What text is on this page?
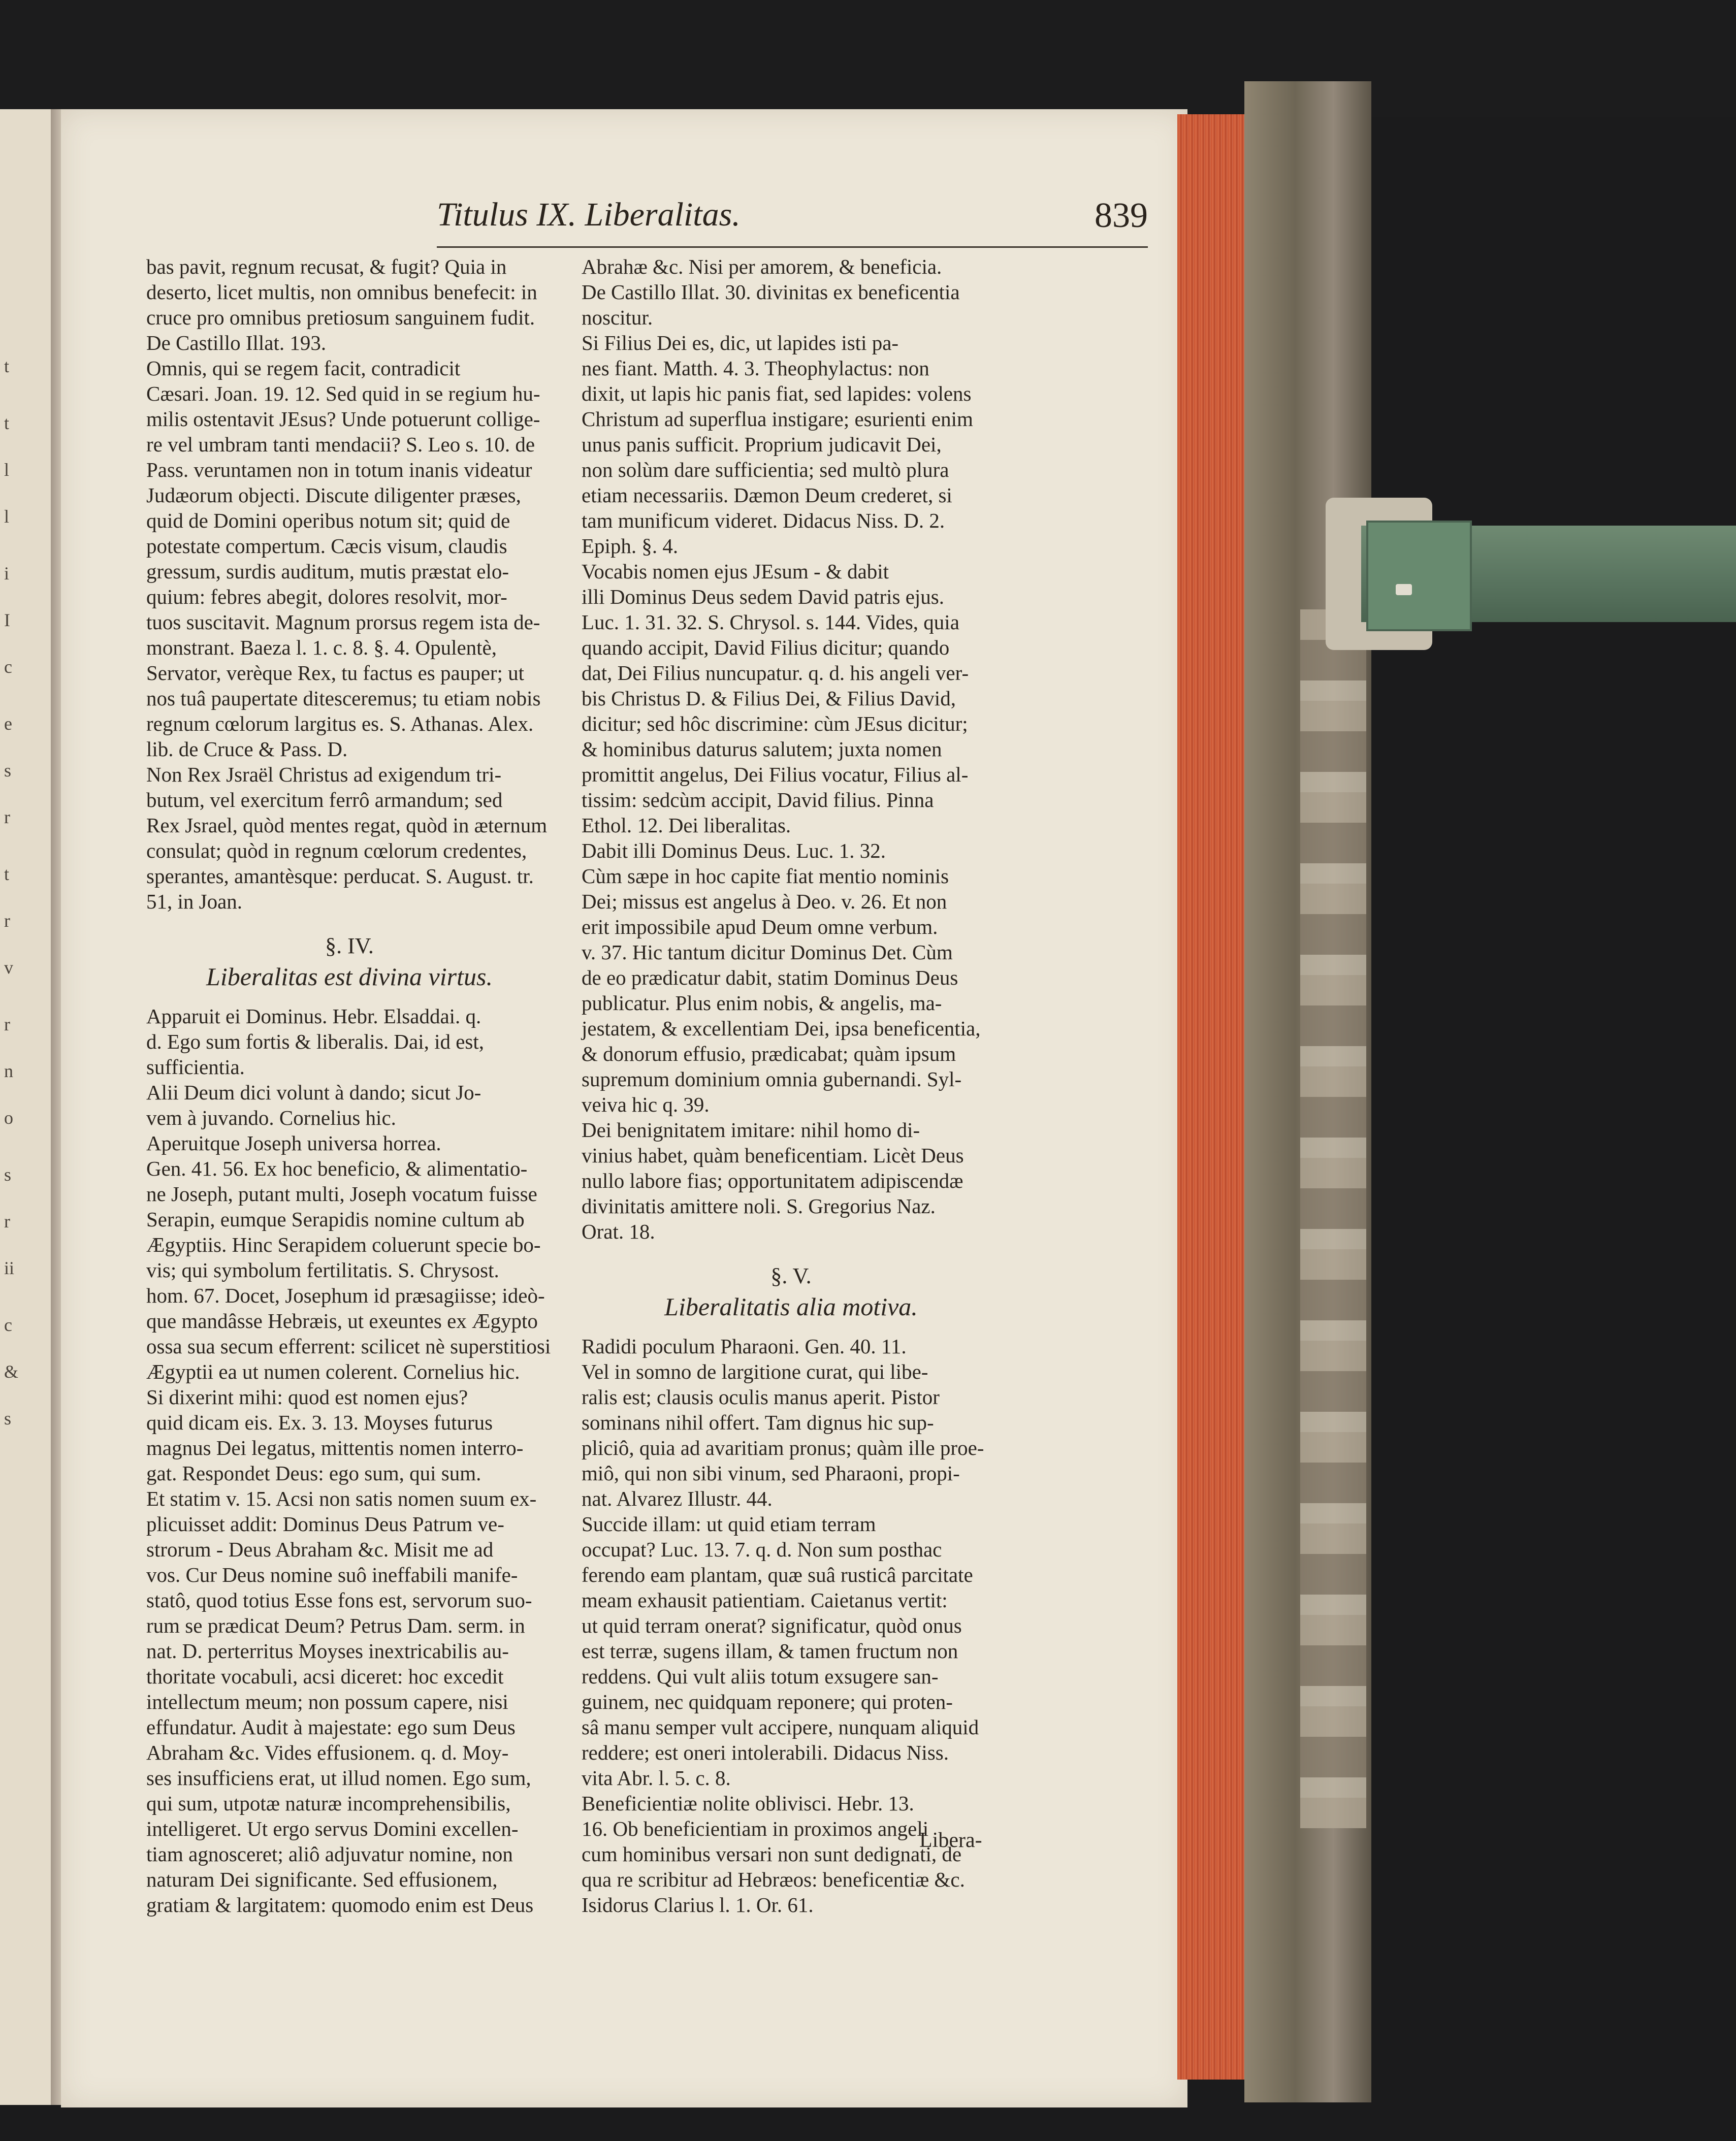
t
t
l
l
i
I
c
e
s
r
t
r
v
r
n
o
s
r
ii
c
&
s
Titulus IX. Liberalitas.	839

bas pavit, regnum recusat, & fugit? Quia in

deserto, licet multis, non omnibus benefecit: in

cruce pro omnibus pretiosum sanguinem fudit.

De Castillo Illat. 193.

Omnis, qui se regem facit, contradicit

Cæsari. Joan. 19. 12. Sed quid in se regium hu-

milis ostentavit JEsus? Unde potuerunt collige-

re vel umbram tanti mendacii? S. Leo s. 10. de

Pass. veruntamen non in totum inanis videatur

Judæorum objecti. Discute diligenter præses,

quid de Domini operibus notum sit; quid de

potestate compertum. Cæcis visum, claudis

gressum, surdis auditum, mutis præstat elo-

quium: febres abegit, dolores resolvit, mor-

tuos suscitavit. Magnum prorsus regem ista de-

monstrant. Baeza l. 1. c. 8. §. 4. Opulentè,

Servator, verèque Rex, tu factus es pauper; ut

nos tuâ paupertate ditesceremus; tu etiam nobis

regnum cœlorum largitus es. S. Athanas. Alex.

lib. de Cruce & Pass. D.

Non Rex Jsraël Christus ad exigendum tri-

butum, vel exercitum ferrô armandum; sed

Rex Jsrael, quòd mentes regat, quòd in æternum

consulat; quòd in regnum cœlorum credentes,

sperantes, amantèsque: perducat. S. August. tr.

51, in Joan.

§. IV.
Liberalitas est divina virtus.

Apparuit ei Dominus. Hebr. Elsaddai. q.

d. Ego sum fortis & liberalis. Dai, id est,

sufficientia.

Alii Deum dici volunt à dando; sicut Jo-

vem à juvando. Cornelius hic.

Aperuitque Joseph universa horrea.

Gen. 41. 56. Ex hoc beneficio, & alimentatio-

ne Joseph, putant multi, Joseph vocatum fuisse

Serapin, eumque Serapidis nomine cultum ab

Ægyptiis. Hinc Serapidem coluerunt specie bo-

vis; qui symbolum fertilitatis. S. Chrysost.

hom. 67. Docet, Josephum id præsagiisse; ideò-

que mandâsse Hebræis, ut exeuntes ex Ægypto

ossa sua secum efferrent: scilicet nè superstitiosi

Ægyptii ea ut numen colerent. Cornelius hic.

Si dixerint mihi: quod est nomen ejus?

quid dicam eis. Ex. 3. 13. Moyses futurus

magnus Dei legatus, mittentis nomen interro-

gat. Respondet Deus: ego sum, qui sum.

Et statim v. 15. Acsi non satis nomen suum ex-

plicuisset addit: Dominus Deus Patrum ve-

strorum - Deus Abraham &c. Misit me ad

vos. Cur Deus nomine suô ineffabili manife-

statô, quod totius Esse fons est, servorum suo-

rum se prædicat Deum? Petrus Dam. serm. in

nat. D. perterritus Moyses inextricabilis au-

thoritate vocabuli, acsi diceret: hoc excedit

intellectum meum; non possum capere, nisi

effundatur. Audit à majestate: ego sum Deus

Abraham &c. Vides effusionem. q. d. Moy-

ses insufficiens erat, ut illud nomen. Ego sum,

qui sum, utpotæ naturæ incomprehensibilis,

intelligeret. Ut ergo servus Domini excellen-

tiam agnosceret; aliô adjuvatur nomine, non

naturam Dei significante. Sed effusionem,

gratiam & largitatem: quomodo enim est Deus

Abrahæ &c. Nisi per amorem, & beneficia.

De Castillo Illat. 30. divinitas ex beneficentia

noscitur.

Si Filius Dei es, dic, ut lapides isti pa-

nes fiant. Matth. 4. 3. Theophylactus: non

dixit, ut lapis hic panis fiat, sed lapides: volens

Christum ad superflua instigare; esurienti enim

unus panis sufficit. Proprium judicavit Dei,

non solùm dare sufficientia; sed multò plura

etiam necessariis. Dæmon Deum crederet, si

tam munificum videret. Didacus Niss. D. 2.

Epiph. §. 4.

Vocabis nomen ejus JEsum - & dabit

illi Dominus Deus sedem David patris ejus.

Luc. 1. 31. 32. S. Chrysol. s. 144. Vides, quia

quando accipit, David Filius dicitur; quando

dat, Dei Filius nuncupatur. q. d. his angeli ver-

bis Christus D. & Filius Dei, & Filius David,

dicitur; sed hôc discrimine: cùm JEsus dicitur;

& hominibus daturus salutem; juxta nomen

promittit angelus, Dei Filius vocatur, Filius al-

tissim: sedcùm accipit, David filius. Pinna

Ethol. 12. Dei liberalitas.

Dabit illi Dominus Deus. Luc. 1. 32.

Cùm sæpe in hoc capite fiat mentio nominis

Dei; missus est angelus à Deo. v. 26. Et non

erit impossibile apud Deum omne verbum.

v. 37. Hic tantum dicitur Dominus Det. Cùm

de eo prædicatur dabit, statim Dominus Deus

publicatur. Plus enim nobis, & angelis, ma-

jestatem, & excellentiam Dei, ipsa beneficentia,

& donorum effusio, prædicabat; quàm ipsum

supremum dominium omnia gubernandi. Syl-

veiva hic q. 39.

Dei benignitatem imitare: nihil homo di-

vinius habet, quàm beneficentiam. Licèt Deus

nullo labore fias; opportunitatem adipiscendæ

divinitatis amittere noli. S. Gregorius Naz.

Orat. 18.

§. V.
Liberalitatis alia motiva.

Radidi poculum Pharaoni. Gen. 40. 11.

Vel in somno de largitione curat, qui libe-

ralis est; clausis oculis manus aperit. Pistor

sominans nihil offert. Tam dignus hic sup-

pliciô, quia ad avaritiam pronus; quàm ille proe-

miô, qui non sibi vinum, sed Pharaoni, propi-

nat. Alvarez Illustr. 44.

Succide illam: ut quid etiam terram

occupat? Luc. 13. 7. q. d. Non sum posthac

ferendo eam plantam, quæ suâ rusticâ parcitate

meam exhausit patientiam. Caietanus vertit:

ut quid terram onerat? significatur, quòd onus

est terræ, sugens illam, & tamen fructum non

reddens. Qui vult aliis totum exsugere san-

guinem, nec quidquam reponere; qui proten-

sâ manu semper vult accipere, nunquam aliquid

reddere; est oneri intolerabili. Didacus Niss.

vita Abr. l. 5. c. 8.

Beneficientiæ nolite oblivisci. Hebr. 13.

16. Ob beneficientiam in proximos angeli

cum hominibus versari non sunt dedignati, de

qua re scribitur ad Hebræos: beneficentiæ &c.

Isidorus Clarius l. 1. Or. 61.

Libera-
